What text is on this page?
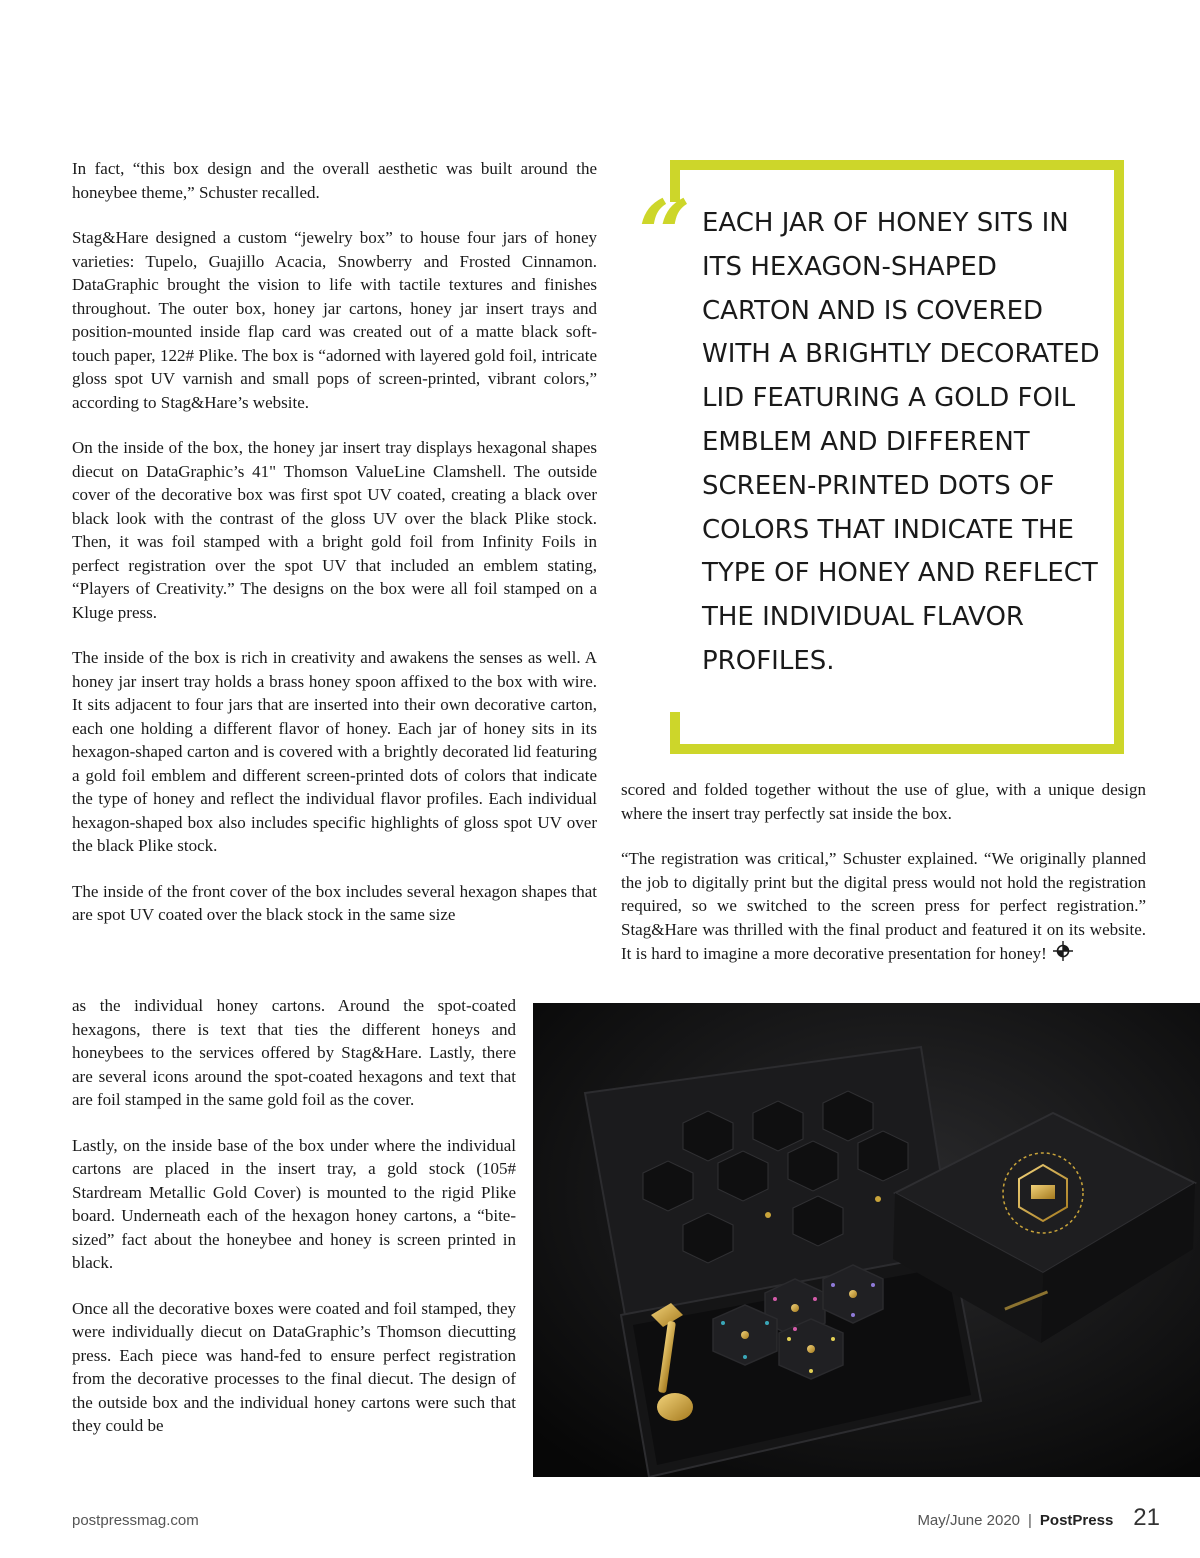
In fact, “this box design and the overall aesthetic was built around the honeybee theme,” Schuster recalled.

Stag&Hare designed a custom “jewelry box” to house four jars of honey varieties: Tupelo, Guajillo Acacia, Snowberry and Frosted Cinnamon. DataGraphic brought the vision to life with tactile textures and finishes throughout. The outer box, honey jar cartons, honey jar insert trays and position-mounted inside flap card was created out of a matte black soft-touch paper, 122# Plike. The box is “adorned with layered gold foil, intricate gloss spot UV varnish and small pops of screen-printed, vibrant colors,” according to Stag&Hare’s website.

On the inside of the box, the honey jar insert tray displays hexagonal shapes diecut on DataGraphic’s 41" Thomson ValueLine Clamshell. The outside cover of the decorative box was first spot UV coated, creating a black over black look with the contrast of the gloss UV over the black Plike stock. Then, it was foil stamped with a bright gold foil from Infinity Foils in perfect registration over the spot UV that included an emblem stating, “Players of Creativity.” The designs on the box were all foil stamped on a Kluge press.

The inside of the box is rich in creativity and awakens the senses as well. A honey jar insert tray holds a brass honey spoon affixed to the box with wire. It sits adjacent to four jars that are inserted into their own decorative carton, each one holding a different flavor of honey. Each jar of honey sits in its hexagon-shaped carton and is covered with a brightly decorated lid featuring a gold foil emblem and different screen-printed dots of colors that indicate the type of honey and reflect the individual flavor profiles. Each individual hexagon-shaped box also includes specific highlights of gloss spot UV over the black Plike stock.

The inside of the front cover of the box includes several hexagon shapes that are spot UV coated over the black stock in the same size

as the individual honey cartons. Around the spot-coated hexagons, there is text that ties the different honeys and honeybees to the services offered by Stag&Hare. Lastly, there are several icons around the spot-coated hexagons and text that are foil stamped in the same gold foil as the cover.

Lastly, on the inside base of the box under where the individual cartons are placed in the insert tray, a gold stock (105# Stardream Metallic Gold Cover) is mounted to the rigid Plike board. Underneath each of the hexagon honey cartons, a “bite-sized” fact about the honeybee and honey is screen printed in black.

Once all the decorative boxes were coated and foil stamped, they were individually diecut on DataGraphic’s Thomson diecutting press. Each piece was hand-fed to ensure perfect registration from the decorative processes to the final diecut. The design of the outside box and the individual honey cartons were such that they could be

“ EACH JAR OF HONEY SITS IN ITS HEXAGON-SHAPED CARTON AND IS COVERED WITH A BRIGHTLY DECORATED LID FEATURING A GOLD FOIL EMBLEM AND DIFFERENT SCREEN-PRINTED DOTS OF COLORS THAT INDICATE THE TYPE OF HONEY AND REFLECT THE INDIVIDUAL FLAVOR PROFILES.

scored and folded together without the use of glue, with a unique design where the insert tray perfectly sat inside the box.

“The registration was critical,” Schuster explained. “We originally planned the job to digitally print but the digital press would not hold the registration required, so we switched to the screen press for perfect registration.” Stag&Hare was thrilled with the final product and featured it on its website. It is hard to imagine a more decorative presentation for honey!

postpressmag.com	May/June 2020 | PostPress 21
